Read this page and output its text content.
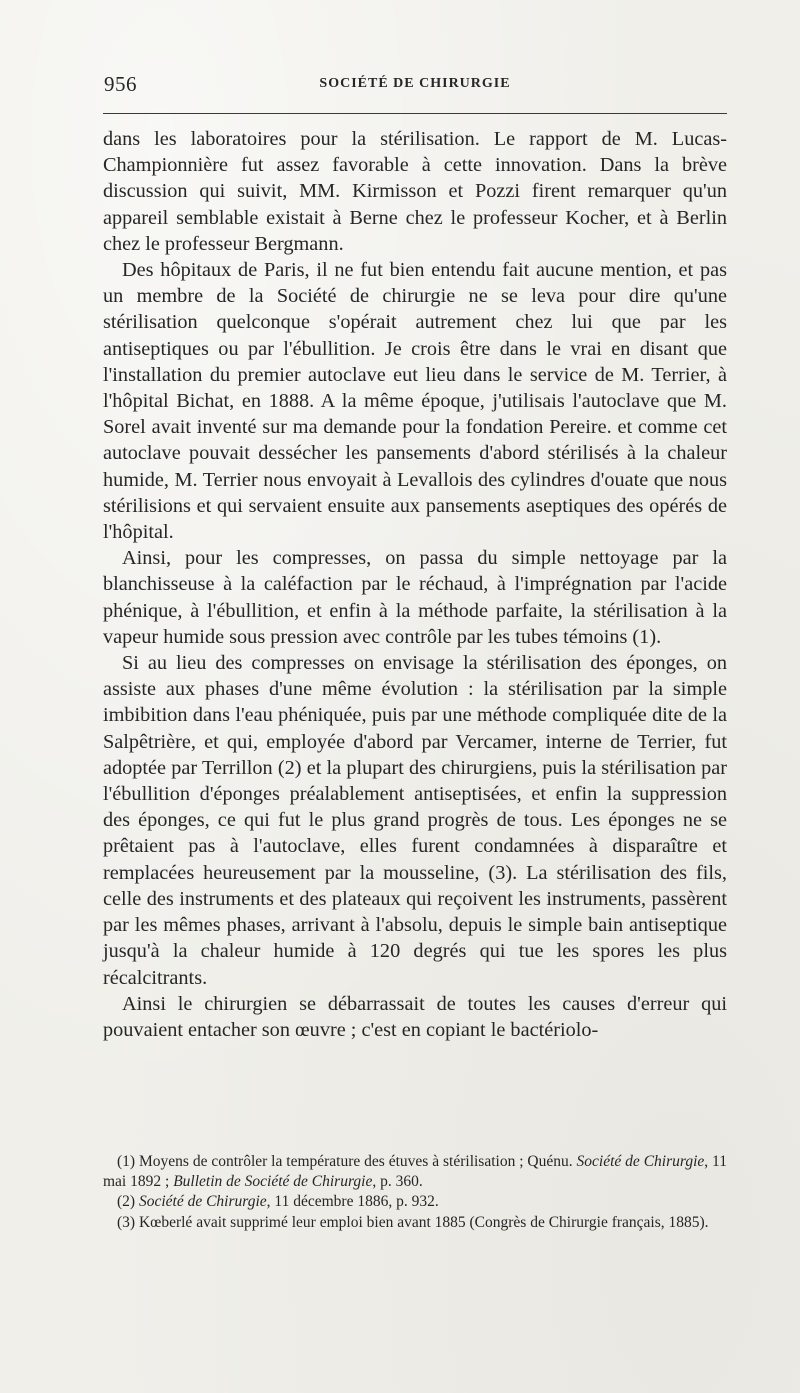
956	SOCIÉTÉ DE CHIRURGIE

dans les laboratoires pour la stérilisation. Le rapport de M. Lucas-Championnière fut assez favorable à cette innovation. Dans la brève discussion qui suivit, MM. Kirmisson et Pozzi firent remarquer qu'un appareil semblable existait à Berne chez le professeur Kocher, et à Berlin chez le professeur Bergmann.

Des hôpitaux de Paris, il ne fut bien entendu fait aucune mention, et pas un membre de la Société de chirurgie ne se leva pour dire qu'une stérilisation quelconque s'opérait autrement chez lui que par les antiseptiques ou par l'ébullition. Je crois être dans le vrai en disant que l'installation du premier autoclave eut lieu dans le service de M. Terrier, à l'hôpital Bichat, en 1888. A la même époque, j'utilisais l'autoclave que M. Sorel avait inventé sur ma demande pour la fondation Pereire. et comme cet autoclave pouvait dessécher les pansements d'abord stérilisés à la chaleur humide, M. Terrier nous envoyait à Levallois des cylindres d'ouate que nous stérilisions et qui servaient ensuite aux pansements aseptiques des opérés de l'hôpital.

Ainsi, pour les compresses, on passa du simple nettoyage par la blanchisseuse à la caléfaction par le réchaud, à l'imprégnation par l'acide phénique, à l'ébullition, et enfin à la méthode parfaite, la stérilisation à la vapeur humide sous pression avec contrôle par les tubes témoins (1).

Si au lieu des compresses on envisage la stérilisation des éponges, on assiste aux phases d'une même évolution : la stérilisation par la simple imbibition dans l'eau phéniquée, puis par une méthode compliquée dite de la Salpêtrière, et qui, employée d'abord par Vercamer, interne de Terrier, fut adoptée par Terrillon (2) et la plupart des chirurgiens, puis la stérilisation par l'ébullition d'éponges préalablement antiseptisées, et enfin la suppression des éponges, ce qui fut le plus grand progrès de tous. Les éponges ne se prêtaient pas à l'autoclave, elles furent condamnées à disparaître et remplacées heureusement par la mousseline, (3). La stérilisation des fils, celle des instruments et des plateaux qui reçoivent les instruments, passèrent par les mêmes phases, arrivant à l'absolu, depuis le simple bain antiseptique jusqu'à la chaleur humide à 120 degrés qui tue les spores les plus récalcitrants.

Ainsi le chirurgien se débarrassait de toutes les causes d'erreur qui pouvaient entacher son œuvre ; c'est en copiant le bactériolo-

(1) Moyens de contrôler la température des étuves à stérilisation ; Quénu. Société de Chirurgie, 11 mai 1892 ; Bulletin de Société de Chirurgie, p. 360.

(2) Société de Chirurgie, 11 décembre 1886, p. 932.

(3) Kœberlé avait supprimé leur emploi bien avant 1885 (Congrès de Chirurgie français, 1885).
